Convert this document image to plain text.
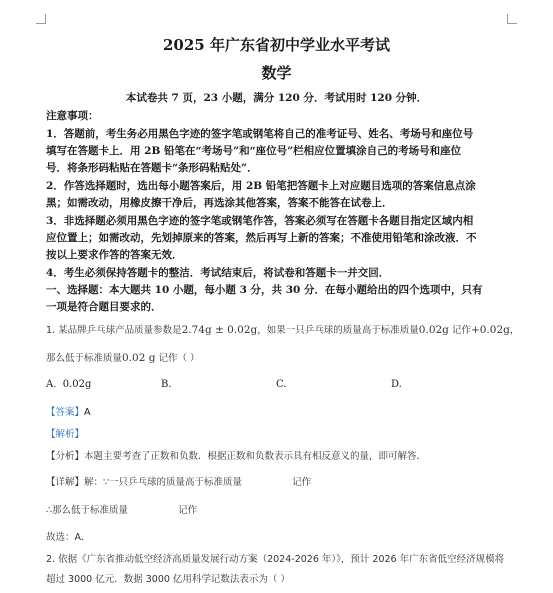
2025 年广东省初中学业水平考试
数学
本试卷共 7 页，23 小题，满分 120 分．考试用时 120 分钟．
注意事项：
1．答题前，考生务必用黑色字迹的签字笔或钢笔将自己的准考证号、姓名、考场号和座位号
填写在答题卡上．用 2B 铅笔在“考场号”和“座位号”栏相应位置填涂自己的考场号和座位
号．将条形码粘贴在答题卡“条形码粘贴处”．
2．作答选择题时，选出每小题答案后，用 2B 铅笔把答题卡上对应题目选项的答案信息点涂
黑；如需改动，用橡皮擦干净后，再选涂其他答案，答案不能答在试卷上．
3．非选择题必须用黑色字迹的签字笔或钢笔作答，答案必须写在答题卡各题目指定区域内相
应位置上；如需改动，先划掉原来的答案，然后再写上新的答案；不准使用铅笔和涂改液．不
按以上要求作答的答案无效．
4．考生必须保持答题卡的整洁．考试结束后，将试卷和答题卡一并交回．
一、选择题：本大题共 10 小题，每小题 3 分，共 30 分．在每小题给出的四个选项中，只有
一项是符合题目要求的．
1. 某品牌乒乓球产品质量参数是2.74g ± 0.02g，如果一只乒乓球的质量高于标准质量0.02g 记作+0.02g，
那么低于标准质量0.02 g 记作（ ）
A. 0.02g	B.	C.	D.
【答案】A
【解析】
【分析】本题主要考查了正数和负数．根据正数和负数表示具有相反意义的量，即可解答．
【详解】解：∵一只乒乓球的质量高于标准质量	记作
∴那么低于标准质量	记作
故选：A．
2. 依据《广东省推动低空经济高质量发展行动方案（2024-2026 年）》，预计 2026 年广东省低空经济规模将
超过 3000 亿元．数据 3000 亿用科学记数法表示为（ ）
